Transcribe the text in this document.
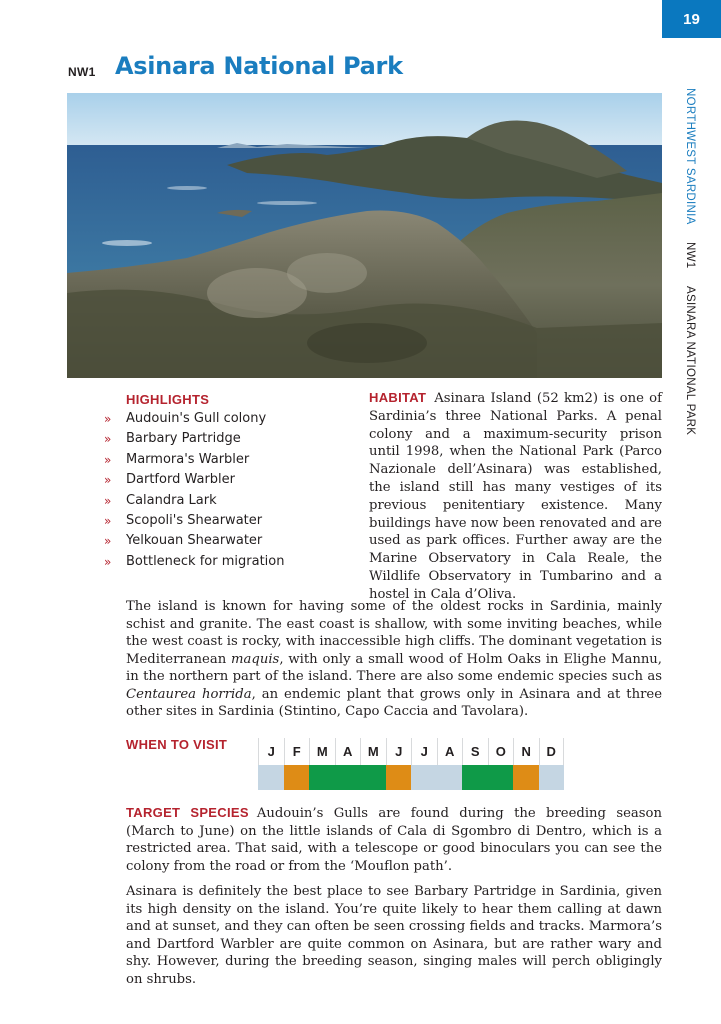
19
NW1 Asinara National Park
NORTHWEST SARDINIA NW1 ASINARA NATIONAL PARK
HIGHLIGHTS
»	Audouin's Gull colony
»	Barbary Partridge
»	Marmora's Warbler
»	Dartford Warbler
»	Calandra Lark
»	Scopoli's Shearwater
»	Yelkouan Shearwater
»	Bottleneck for migration

HABITAT Asinara Island (52 km2) is one of Sardinia’s three National Parks. A penal colony and a maximum-security prison until 1998, when the National Park (Parco Nazionale dell’Asinara) was established, the island still has many vestiges of its previous penitentiary existence. Many buildings have now been renovated and are used as park offices. Further away are the Marine Observatory in Cala Reale, the Wildlife Observatory in Tumbarino and a hostel in Cala d’Oliva.

The island is known for having some of the oldest rocks in Sardinia, mainly schist and granite. The east coast is shallow, with some inviting beaches, while the west coast is rocky, with inaccessible high cliffs. The dominant vegetation is Mediterranean maquis, with only a small wood of Holm Oaks in Elighe Mannu, in the northern part of the island. There are also some endemic species such as Centaurea horrida, an endemic plant that grows only in Asinara and at three other sites in Sardinia (Stintino, Capo Caccia and Tavolara).

WHEN TO VISIT	J	F	M	A	M	J	J	A	S	O	N	D

TARGET SPECIES Audouin’s Gulls are found during the breeding season (March to June) on the little islands of Cala di Sgombro di Dentro, which is a restricted area. That said, with a telescope or good binoculars you can see the colony from the road or from the ‘Mouflon path’.

Asinara is definitely the best place to see Barbary Partridge in Sardinia, given its high density on the island. You’re quite likely to hear them calling at dawn and at sunset, and they can often be seen crossing fields and tracks. Marmora’s and Dartford Warbler are quite common on Asinara, but are rather wary and shy. However, during the breeding season, singing males will perch obligingly on shrubs.
